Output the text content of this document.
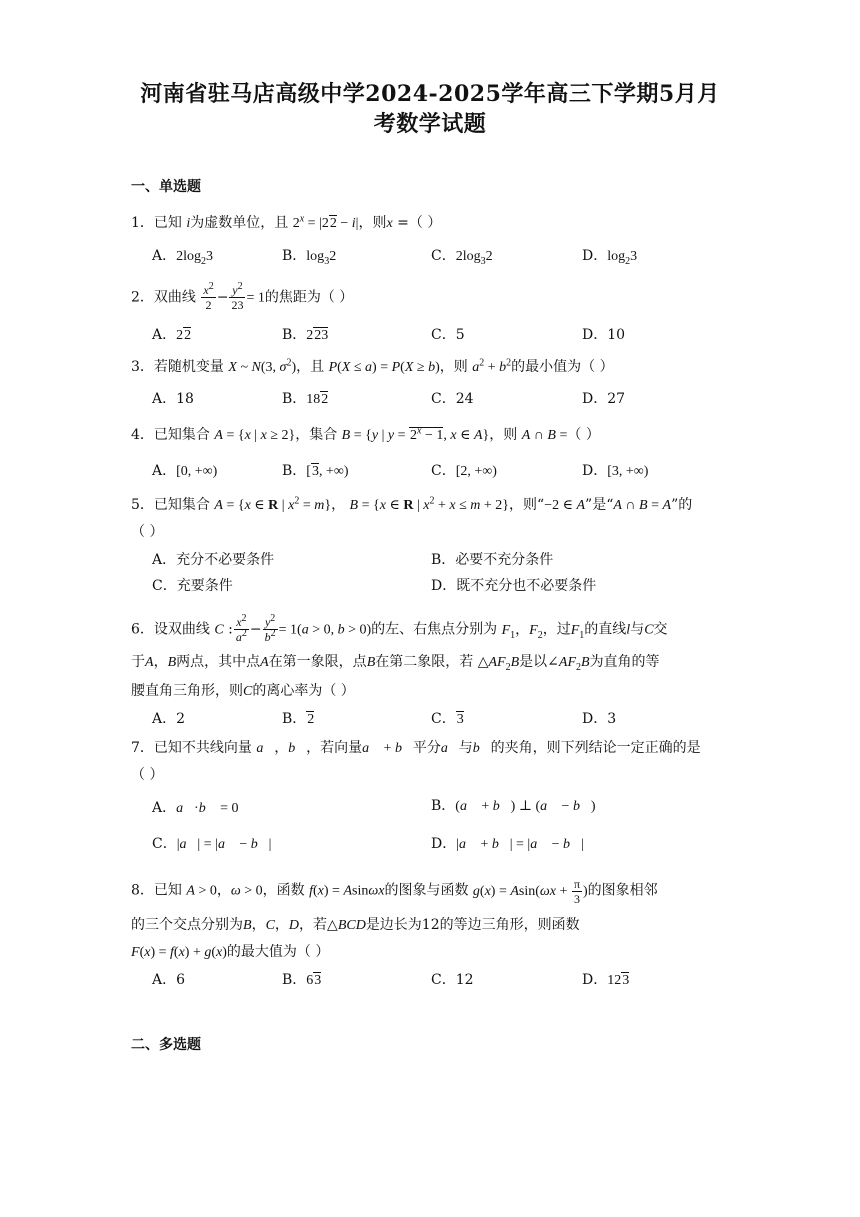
河南省驻马店高级中学2024-2025学年高三下学期5月月
考数学试题
一、单选题
1．已知 i为虚数单位，且 $2^x = |22 - i|$，则x =（ ）
A．$2\log_23$	B．$\log_32$	C．$2\log_32$	D．$\log_23$
2．双曲线 $\frac{x^2}{2} - \frac{y^2}{23} = 1$的焦距为（ ）
A．22	B．223	C．5	D．10
3．若随机变量 X ~ N(3, $\sigma^2$)，且 P(X ≤ a) = P(X ≥ b)，则 $a^2 + b^2$的最小值为（ ）
A．18	B．182	C．24	D．27
4．已知集合 A = {x | x ≥ 2}，集合 B = {y | $y = 2^x - 1$, x ∈ A}，则 A ∩ B =（ ）
A．[0, +∞)	B．[3, +∞)	C．[2, +∞)	D．[3, +∞)
5．已知集合 A = {x ∈ R | $x^2 = m$}， B = {x ∈ R | $x^2 + x \le m + 2$}，则“−2 ∈ A”是“A ∩ B = A”的
（ ）
A．充分不必要条件	B．必要不充分条件
C．充要条件	D．既不充分也不必要条件
6．设双曲线 C : $\frac{x^2}{a^2} - \frac{y^2}{b^2} = 1(a > 0$, b > 0)的左、右焦点分别为 $F_1$，$F_2$，过$F_1$的直线l与C交
于A，B两点，其中点A在第一象限，点B在第二象限，若 $\triangle AF_2B$是以$\angle AF_2B$为直角的等
腰直角三角形，则C的离心率为（ ）
A．2	B．2	C．3	D．3
7．已知不共线向量 a⃗，b⃗，若向量a⃗ + b⃗平分a⃗与b⃗的夹角，则下列结论一定正确的是
（ ）
A．a⃗·b⃗ = 0	B．(a⃗ + b⃗) ⊥ (a⃗ − b⃗)
C．|a⃗| = |a⃗ − b⃗|	D．|a⃗ + b⃗| = |a⃗ − b⃗|
8．已知 A > 0，ω > 0，函数 f(x) = Asinωx的图象与函数 $g(x) = Asin(\omega x + \frac{\pi}{3}$ )的图象相邻
的三个交点分别为B，C，D，若△BCD是边长为12的等边三角形，则函数
F(x) = f(x) + g(x)的最大值为（ ）
A．6	B．63	C．12	D．123
二、多选题
